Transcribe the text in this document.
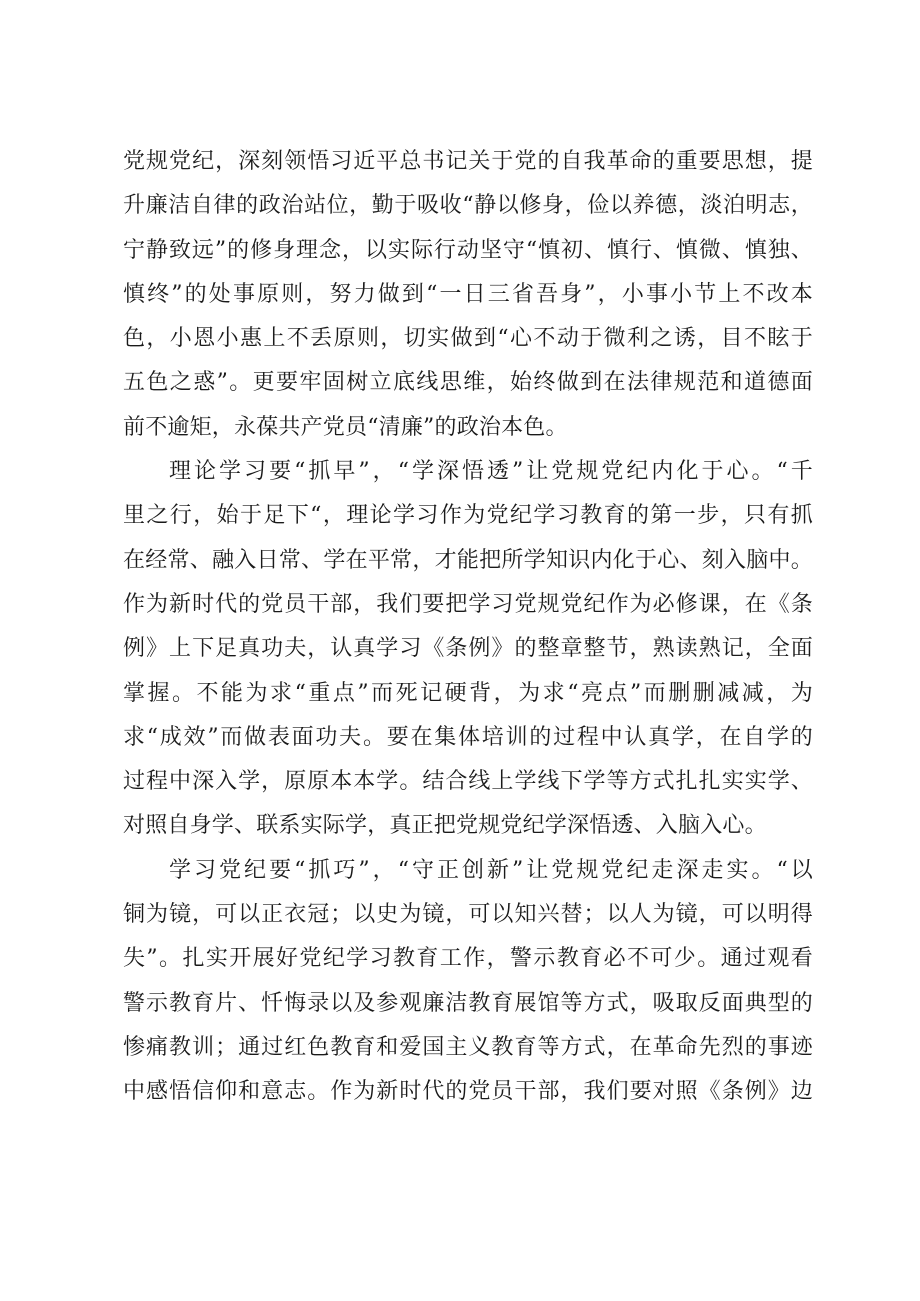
党规党纪，深刻领悟习近平总书记关于党的自我革命的重要思想，提
升廉洁自律的政治站位，勤于吸收“静以修身，俭以养德，淡泊明志，
宁静致远”的修身理念，以实际行动坚守“慎初、慎行、慎微、慎独、
慎终”的处事原则，努力做到“一日三省吾身”，小事小节上不改本
色，小恩小惠上不丢原则，切实做到“心不动于微利之诱，目不眩于
五色之惑”。更要牢固树立底线思维，始终做到在法律规范和道德面
前不逾矩，永葆共产党员“清廉”的政治本色。
理论学习要“抓早”，“学深悟透”让党规党纪内化于心。“千
里之行，始于足下“，理论学习作为党纪学习教育的第一步，只有抓
在经常、融入日常、学在平常，才能把所学知识内化于心、刻入脑中。
作为新时代的党员干部，我们要把学习党规党纪作为必修课，在《条
例》上下足真功夫，认真学习《条例》的整章整节，熟读熟记，全面
掌握。不能为求“重点”而死记硬背，为求“亮点”而删删减减，为
求“成效”而做表面功夫。要在集体培训的过程中认真学，在自学的
过程中深入学，原原本本学。结合线上学线下学等方式扎扎实实学、
对照自身学、联系实际学，真正把党规党纪学深悟透、入脑入心。
学习党纪要“抓巧”，“守正创新”让党规党纪走深走实。“以
铜为镜，可以正衣冠；以史为镜，可以知兴替；以人为镜，可以明得
失”。扎实开展好党纪学习教育工作，警示教育必不可少。通过观看
警示教育片、忏悔录以及参观廉洁教育展馆等方式，吸取反面典型的
惨痛教训；通过红色教育和爱国主义教育等方式，在革命先烈的事迹
中感悟信仰和意志。作为新时代的党员干部，我们要对照《条例》边
